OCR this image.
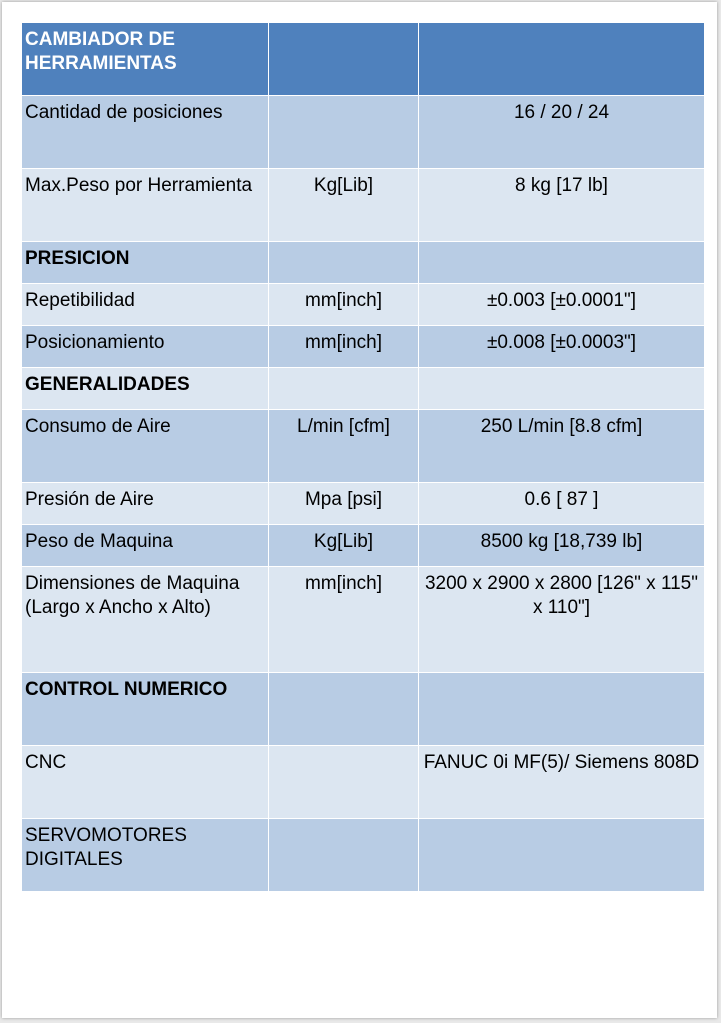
CAMBIADOR DE HERRAMIENTAS		
Cantidad de posiciones		16 / 20 / 24
Max.Peso por Herramienta	Kg[Lib]	8 kg [17 lb]
PRESICION		
Repetibilidad	mm[inch]	±0.003 [±0.0001"]
Posicionamiento	mm[inch]	±0.008 [±0.0003"]
GENERALIDADES		
Consumo de Aire	L/min [cfm]	250 L/min [8.8 cfm]
Presión de Aire	Mpa [psi]	0.6 [ 87 ]
Peso de Maquina	Kg[Lib]	8500 kg [18,739 lb]
Dimensiones de Maquina (Largo x Ancho x Alto)	mm[inch]	3200 x 2900 x 2800 [126" x 115" x 110"]
CONTROL NUMERICO		
CNC		FANUC 0i MF(5)/ Siemens 808D
SERVOMOTORES DIGITALES		
